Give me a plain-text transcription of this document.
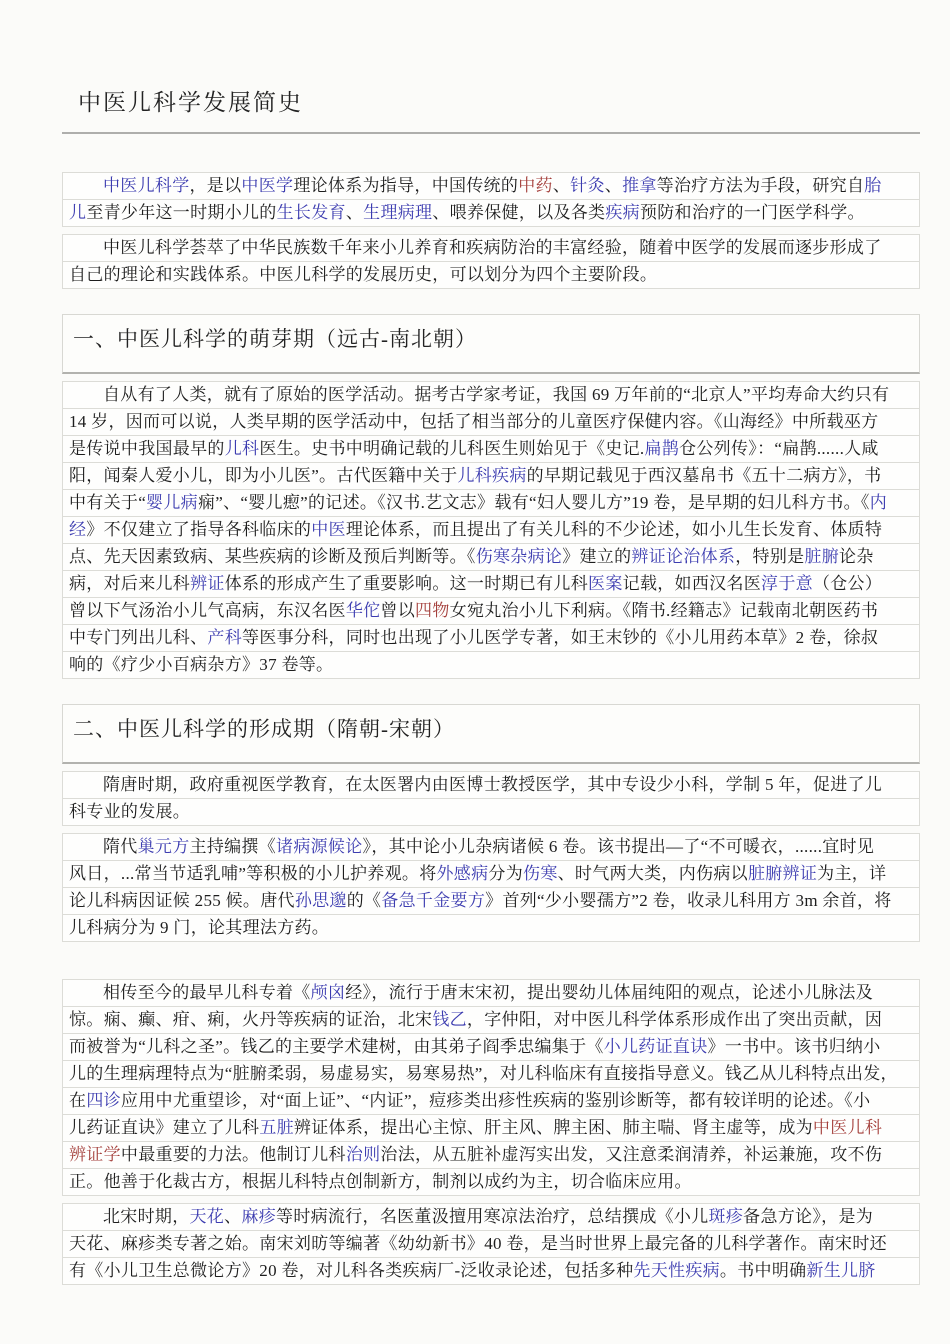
中医儿科学发展简史
中医儿科学，是以中医学理论体系为指导，中国传统的中药、针灸、推拿等治疗方法为手段，研究自胎
儿至青少年这一时期小儿的生长发育、生理病理、喂养保健，以及各类疾病预防和治疗的一门医学科学。
中医儿科学荟萃了中华民族数千年来小儿养育和疾病防治的丰富经验，随着中医学的发展而逐步形成了
自己的理论和实践体系。中医儿科学的发展历史，可以划分为四个主要阶段。
一、中医儿科学的萌芽期（远古-南北朝）
自从有了人类，就有了原始的医学活动。据考古学家考证，我国 69 万年前的“北京人”平均寿命大约只有
14 岁，因而可以说，人类早期的医学活动中，包括了相当部分的儿童医疗保健内容。《山海经》中所载巫方
是传说中我国最早的儿科医生。史书中明确记载的儿科医生则始见于《史记.扁鹊仓公列传》：“扁鹊......人咸
阳，闻秦人爱小儿，即为小儿医”。古代医籍中关于儿科疾病的早期记载见于西汉墓帛书《五十二病方》，书
中有关于“婴儿病痫”、“婴儿瘛”的记述。《汉书.艺文志》载有“妇人婴儿方”19 卷，是早期的妇儿科方书。《内
经》不仅建立了指导各科临床的中医理论体系，而且提出了有关儿科的不少论述，如小儿生长发育、体质特
点、先天因素致病、某些疾病的诊断及预后判断等。《伤寒杂病论》建立的辨证论治体系，特别是脏腑论杂
病，对后来儿科辨证体系的形成产生了重要影响。这一时期已有儿科医案记载，如西汉名医淳于意（仓公）
曾以下气汤治小儿气高病，东汉名医华佗曾以四物女宛丸治小儿下利病。《隋书.经籍志》记载南北朝医药书
中专门列出儿科、产科等医事分科，同时也出现了小儿医学专著，如王末钞的《小儿用药本草》2 卷，徐叔
响的《疗少小百病杂方》37 卷等。
二、中医儿科学的形成期（隋朝-宋朝）
隋唐时期，政府重视医学教育，在太医署内由医博士教授医学，其中专设少小科，学制 5 年，促进了儿
科专业的发展。
隋代巢元方主持编撰《诸病源候论》，其中论小儿杂病诸候 6 卷。该书提出—了“不可暖衣，......宜时见
风日，...常当节适乳哺”等积极的小儿护养观。将外感病分为伤寒、时气两大类，内伤病以脏腑辨证为主，详
论儿科病因证候 255 候。唐代孙思邈的《备急千金要方》首列“少小婴孺方”2 卷，收录儿科用方 3m 余首，将
儿科病分为 9 门，论其理法方药。
相传至今的最早儿科专着《颅囟经》，流行于唐末宋初，提出婴幼儿体届纯阳的观点，论述小儿脉法及
惊。痫、癫、疳、痢，火丹等疾病的证治，北宋钱乙，字仲阳，对中医儿科学体系形成作出了突出贡献，因
而被誉为“儿科之圣”。钱乙的主要学术建树，由其弟子阎季忠编集于《小儿药证直诀》一书中。该书归纳小
儿的生理病理特点为“脏腑柔弱，易虚易实，易寒易热”，对儿科临床有直接指导意义。钱乙从儿科特点出发，
在四诊应用中尤重望诊，对“面上证”、“内证”，痘疹类出疹性疾病的鉴别诊断等，都有较详明的论述。《小
儿药证直诀》建立了儿科五脏辨证体系，提出心主惊、肝主风、脾主困、肺主喘、肾主虚等，成为中医儿科
辨证学中最重要的力法。他制订儿科治则治法，从五脏补虚泻实出发，又注意柔润清养，补运兼施，攻不伤
正。他善于化裁古方，根据儿科特点创制新方，制剂以成约为主，切合临床应用。
北宋时期，天花、麻疹等时病流行，名医董汲擅用寒凉法治疗，总结撰成《小儿斑疹备急方论》，是为
天花、麻疹类专著之始。南宋刘昉等编著《幼幼新书》40 卷，是当时世界上最完备的儿科学著作。南宋时还
有《小儿卫生总微论方》20 卷，对儿科各类疾病厂-泛收录论述，包括多种先天性疾病。书中明确新生儿脐
